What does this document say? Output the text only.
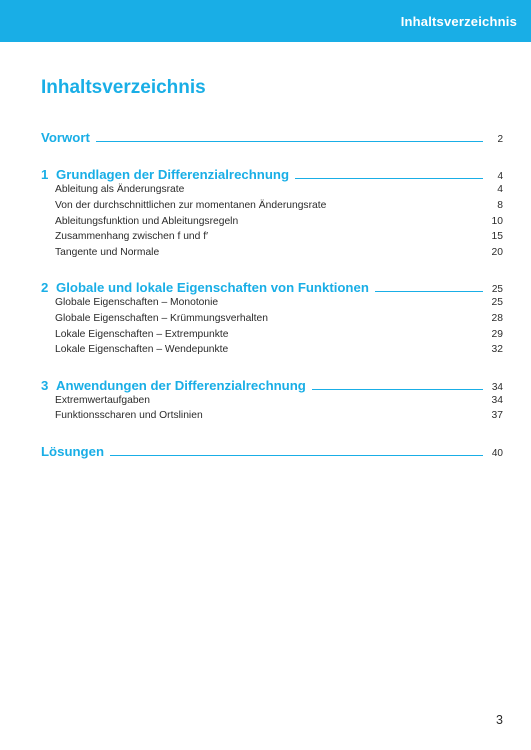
Inhaltsverzeichnis
Inhaltsverzeichnis
Vorwort	2
1 Grundlagen der Differenzialrechnung	4
Ableitung als Änderungsrate	4
Von der durchschnittlichen zur momentanen Änderungsrate	8
Ableitungsfunktion und Ableitungsregeln	10
Zusammenhang zwischen f und f′	15
Tangente und Normale	20
2 Globale und lokale Eigenschaften von Funktionen	25
Globale Eigenschaften – Monotonie	25
Globale Eigenschaften – Krümmungsverhalten	28
Lokale Eigenschaften – Extrempunkte	29
Lokale Eigenschaften – Wendepunkte	32
3 Anwendungen der Differenzialrechnung	34
Extremwertaufgaben	34
Funktionsscharen und Ortslinien	37
Lösungen	40
3
